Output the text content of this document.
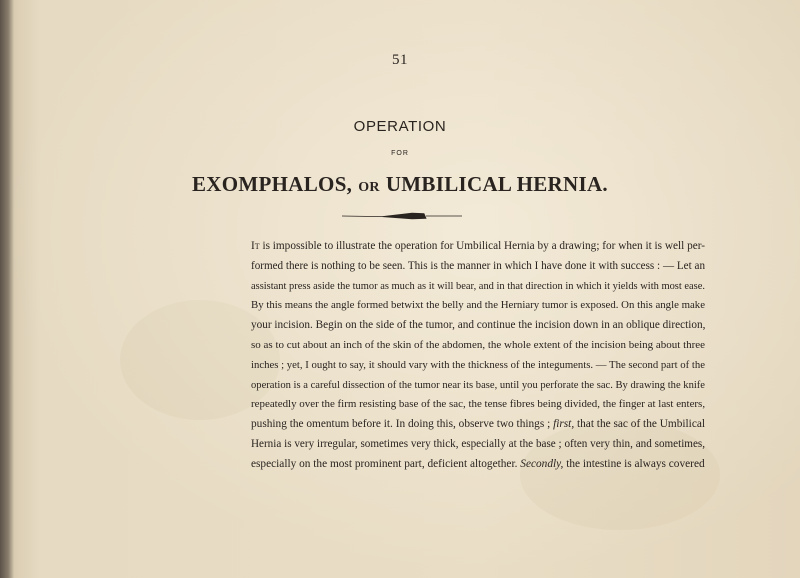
51
OPERATION
FOR
EXOMPHALOS, OR UMBILICAL HERNIA.
It is impossible to illustrate the operation for Umbilical Hernia by a drawing; for when it is well per-
formed there is nothing to be seen. This is the manner in which I have done it with success : — Let an
assistant press aside the tumor as much as it will bear, and in that direction in which it yields with most ease.
By this means the angle formed betwixt the belly and the Herniary tumor is exposed. On this angle make
your incision. Begin on the side of the tumor, and continue the incision down in an oblique direction,
so as to cut about an inch of the skin of the abdomen, the whole extent of the incision being about three
inches ; yet, I ought to say, it should vary with the thickness of the integuments. — The second part of the
operation is a careful dissection of the tumor near its base, until you perforate the sac. By drawing the knife
repeatedly over the firm resisting base of the sac, the tense fibres being divided, the finger at last enters,
pushing the omentum before it. In doing this, observe two things ; first, that the sac of the Umbilical
Hernia is very irregular, sometimes very thick, especially at the base ; often very thin, and sometimes,
especially on the most prominent part, deficient altogether. Secondly, the intestine is always covered
